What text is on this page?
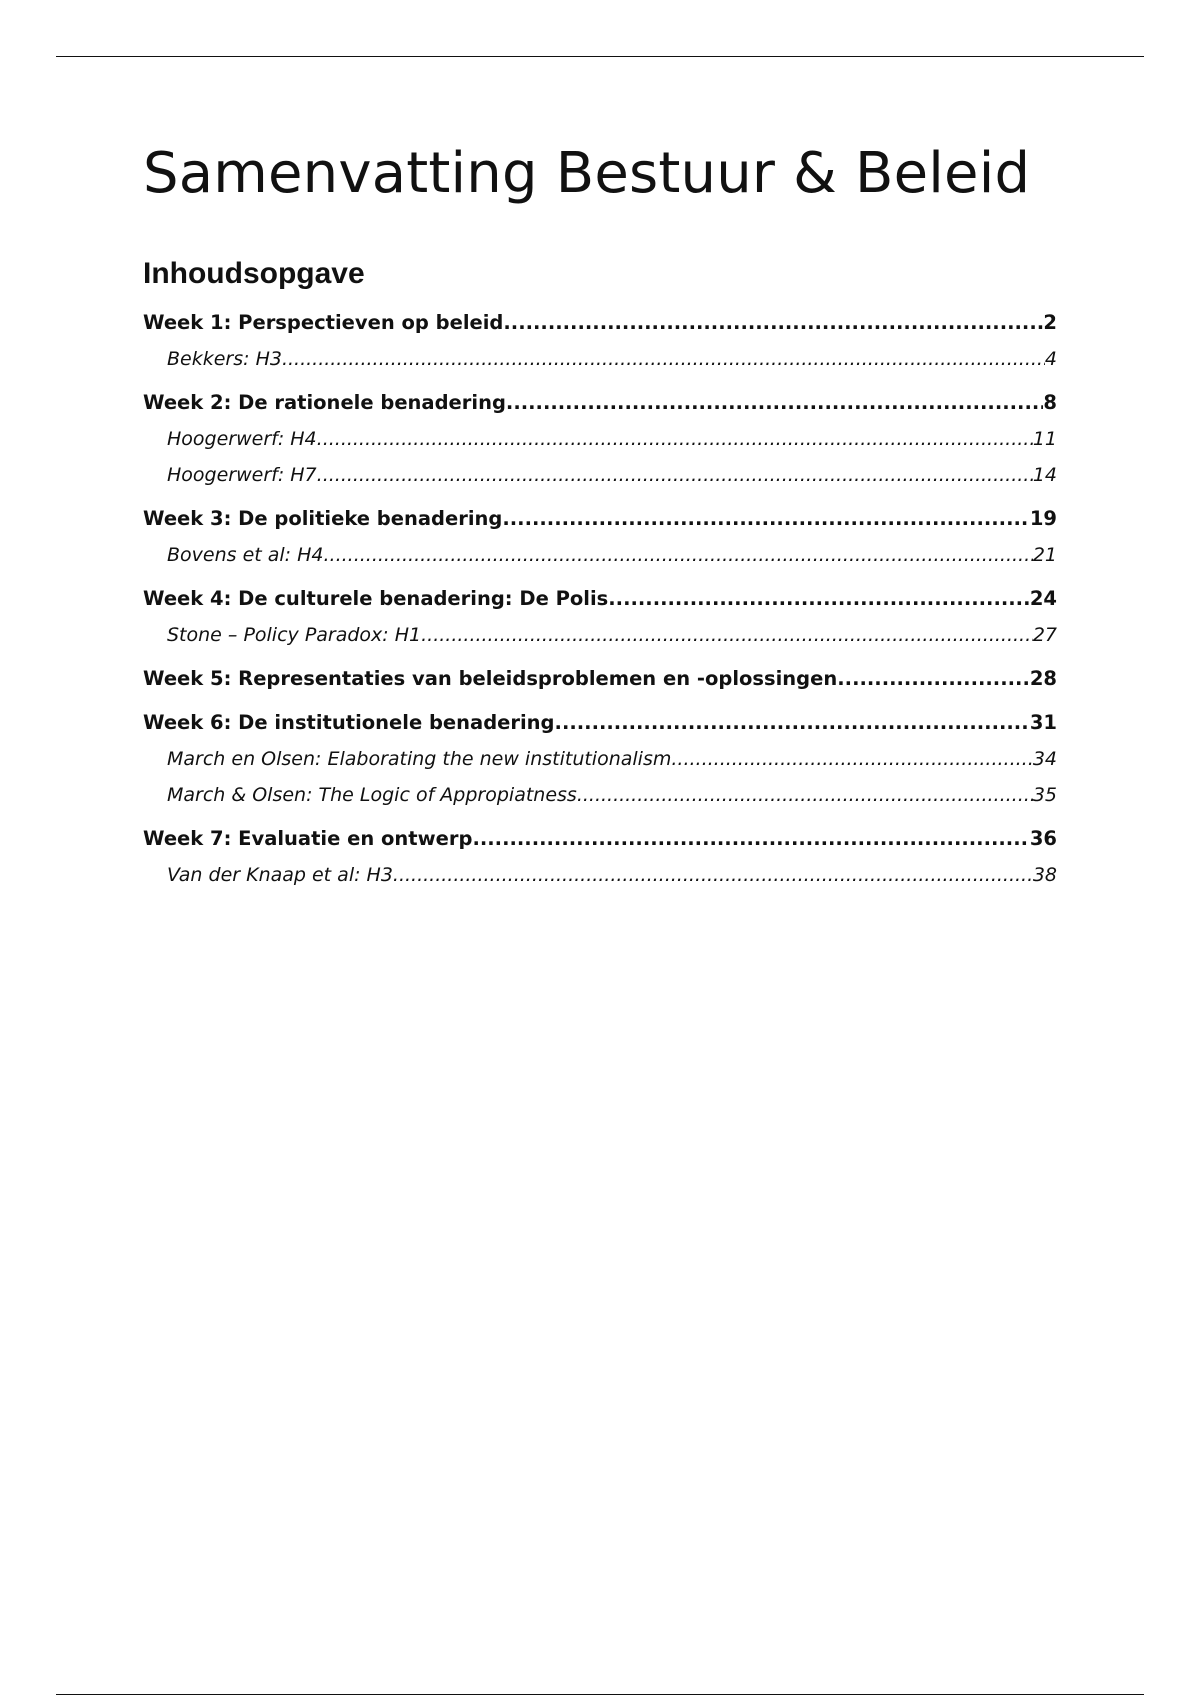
Samenvatting Bestuur & Beleid
Inhoudsopgave
Week 1: Perspectieven op beleid .....	2
Bekkers: H3 .....	4
Week 2: De rationele benadering .....	8
Hoogerwerf: H4 .....	11
Hoogerwerf: H7 .....	14
Week 3: De politieke benadering .....	19
Bovens et al: H4 .....	21
Week 4: De culturele benadering: De Polis .....	24
Stone – Policy Paradox: H1 .....	27
Week 5: Representaties van beleidsproblemen en -oplossingen .....	28
Week 6: De institutionele benadering .....	31
March en Olsen: Elaborating the new institutionalism .....	34
March & Olsen: The Logic of Appropiatness .....	35
Week 7: Evaluatie en ontwerp .....	36
Van der Knaap et al: H3 .....	38
